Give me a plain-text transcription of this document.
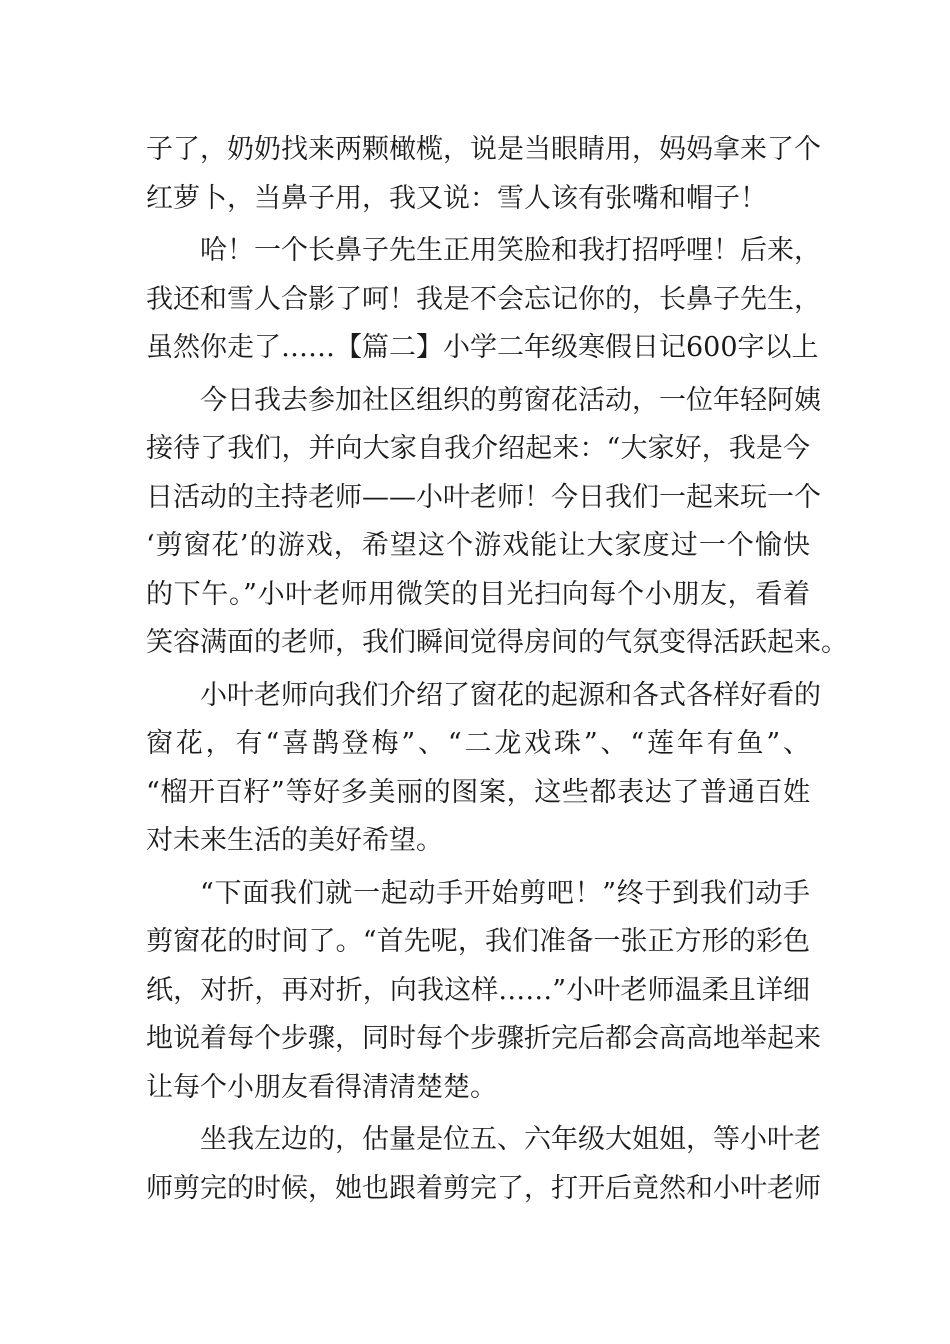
子了，奶奶找来两颗橄榄，说是当眼睛用，妈妈拿来了个
红萝卜，当鼻子用，我又说：雪人该有张嘴和帽子！
哈！一个长鼻子先生正用笑脸和我打招呼哩！后来，
我还和雪人合影了呵！我是不会忘记你的，长鼻子先生，
虽然你走了……【篇二】小学二年级寒假日记600字以上
今日我去参加社区组织的剪窗花活动，一位年轻阿姨
接待了我们，并向大家自我介绍起来：“大家好，我是今
日活动的主持老师——小叶老师！今日我们一起来玩一个
‘剪窗花’的游戏，希望这个游戏能让大家度过一个愉快
的下午。”小叶老师用微笑的目光扫向每个小朋友，看着
笑容满面的老师，我们瞬间觉得房间的气氛变得活跃起来。
小叶老师向我们介绍了窗花的起源和各式各样好看的
窗花，有“喜鹊登梅”、“二龙戏珠”、“莲年有鱼”、
“榴开百籽”等好多美丽的图案，这些都表达了普通百姓
对未来生活的美好希望。
“下面我们就一起动手开始剪吧！”终于到我们动手
剪窗花的时间了。“首先呢，我们准备一张正方形的彩色
纸，对折，再对折，向我这样……”小叶老师温柔且详细
地说着每个步骤，同时每个步骤折完后都会高高地举起来
让每个小朋友看得清清楚楚。
坐我左边的，估量是位五、六年级大姐姐，等小叶老
师剪完的时候，她也跟着剪完了，打开后竟然和小叶老师
